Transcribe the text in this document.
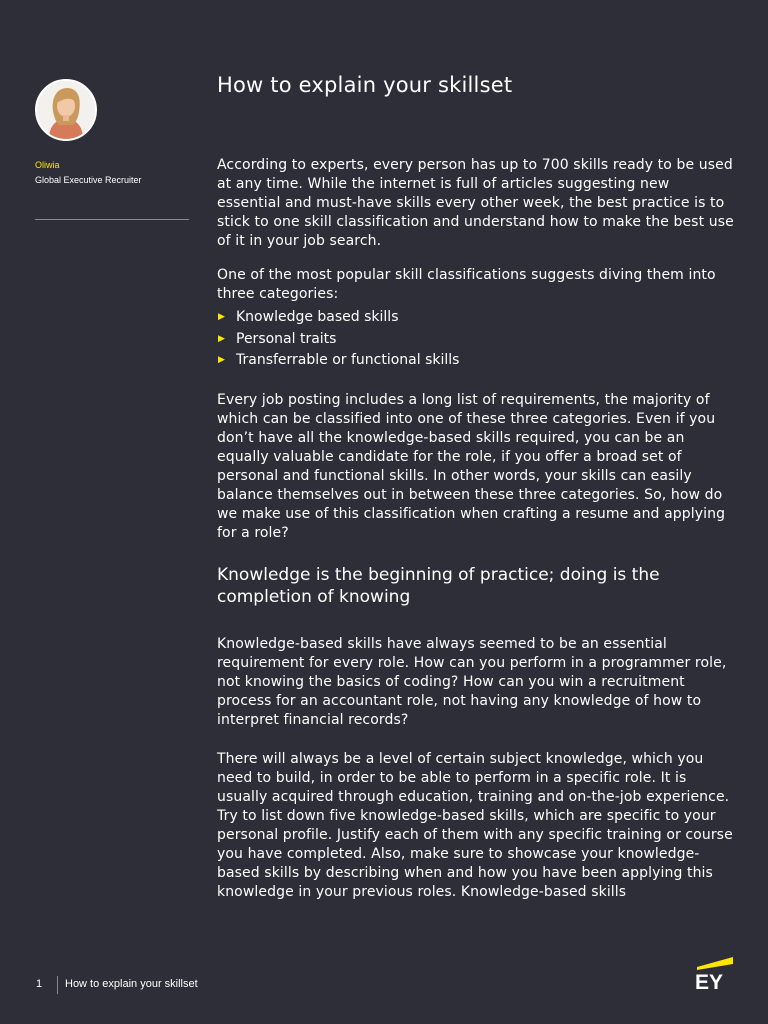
Oliwia
Global Executive Recruiter
How to explain your skillset

According to experts, every person has up to 700 skills ready to be used at any time. While the internet is full of articles suggesting new essential and must-have skills every other week, the best practice is to stick to one skill classification and understand how to make the best use of it in your job search.

One of the most popular skill classifications suggests diving them into three categories:

▶ Knowledge based skills
▶ Personal traits
▶ Transferrable or functional skills

Every job posting includes a long list of requirements, the majority of which can be classified into one of these three categories. Even if you don’t have all the knowledge-based skills required, you can be an equally valuable candidate for the role, if you offer a broad set of personal and functional skills. In other words, your skills can easily balance themselves out in between these three categories. So, how do we make use of this classification when crafting a resume and applying for a role?

Knowledge is the beginning of practice; doing is the completion of knowing

Knowledge-based skills have always seemed to be an essential requirement for every role. How can you perform in a programmer role, not knowing the basics of coding? How can you win a recruitment process for an accountant role, not having any knowledge of how to interpret financial records?

There will always be a level of certain subject knowledge, which you need to build, in order to be able to perform in a specific role. It is usually acquired through education, training and on-the-job experience. Try to list down five knowledge-based skills, which are specific to your personal profile. Justify each of them with any specific training or course you have completed. Also, make sure to showcase your knowledge-based skills by describing when and how you have been applying this knowledge in your previous roles. Knowledge-based skills

1 How to explain your skillset	EY
